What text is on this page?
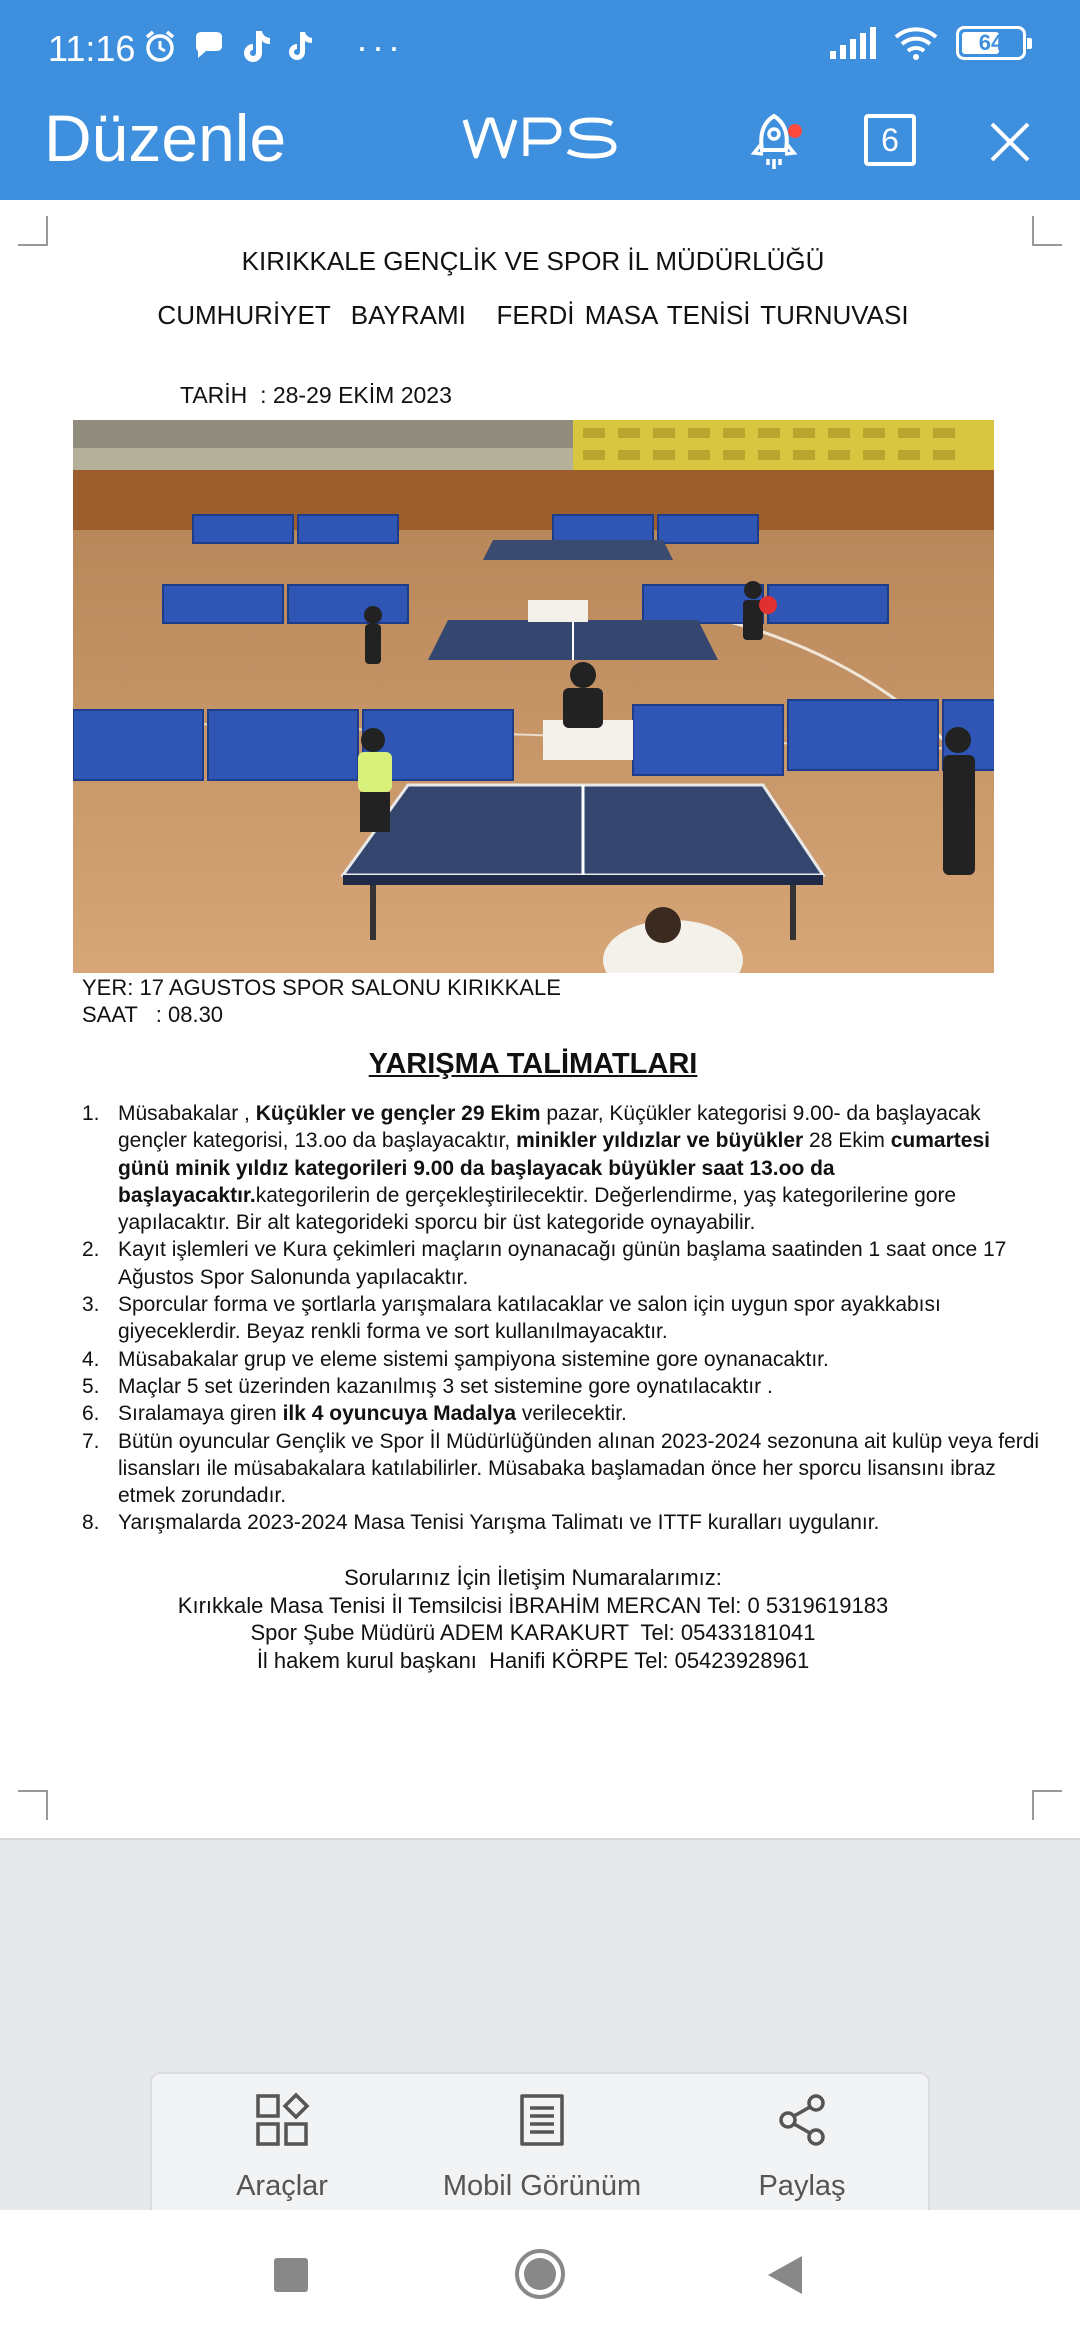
11:16	···	64
Düzenle	6
KIRIKKALE GENÇLİK VE SPOR İL MÜDÜRLÜĞÜ
CUMHURİYET  BAYRAMI   FERDİ MASA TENİSİ TURNUVASI
TARİH  : 28-29 EKİM 2023
YER: 17 AGUSTOS SPOR SALONU KIRIKKALE
SAAT   : 08.30
YARIŞMA TALİMATLARI
1. Müsabakalar , Küçükler ve gençler 29 Ekim pazar, Küçükler kategorisi 9.00- da başlayacak gençler kategorisi, 13.oo da başlayacaktır, minikler yıldızlar ve büyükler 28 Ekim cumartesi günü minik yıldız kategorileri 9.00 da başlayacak büyükler saat 13.oo da başlayacaktır.kategorilerin de gerçekleştirilecektir. Değerlendirme, yaş kategorilerine gore yapılacaktır. Bir alt kategorideki sporcu bir üst kategoride oynayabilir.
2. Kayıt işlemleri ve Kura çekimleri maçların oynanacağı günün başlama saatinden 1 saat once 17 Ağustos Spor Salonunda yapılacaktır.
3. Sporcular forma ve şortlarla yarışmalara katılacaklar ve salon için uygun spor ayakkabısı giyeceklerdir. Beyaz renkli forma ve sort kullanılmayacaktır.
4. Müsabakalar grup ve eleme sistemi şampiyona sistemine gore oynanacaktır.
5. Maçlar 5 set üzerinden kazanılmış 3 set sistemine gore oynatılacaktır .
6. Sıralamaya giren ilk 4 oyuncuya Madalya verilecektir.
7. Bütün oyuncular Gençlik ve Spor İl Müdürlüğünden alınan 2023-2024 sezonuna ait kulüp veya ferdi lisansları ile müsabakalara katılabilirler. Müsabaka başlamadan önce her sporcu lisansını ibraz etmek zorundadır.
8. Yarışmalarda 2023-2024 Masa Tenisi Yarışma Talimatı ve ITTF kuralları uygulanır.
Sorularınız İçin İletişim Numaralarımız:
Kırıkkale Masa Tenisi İl Temsilcisi İBRAHİM MERCAN Tel: 0 5319619183
Spor Şube Müdürü ADEM KARAKURT  Tel: 05433181041
İl hakem kurul başkanı  Hanifi KÖRPE Tel: 05423928961
Araçlar	Mobil Görünüm	Paylaş
